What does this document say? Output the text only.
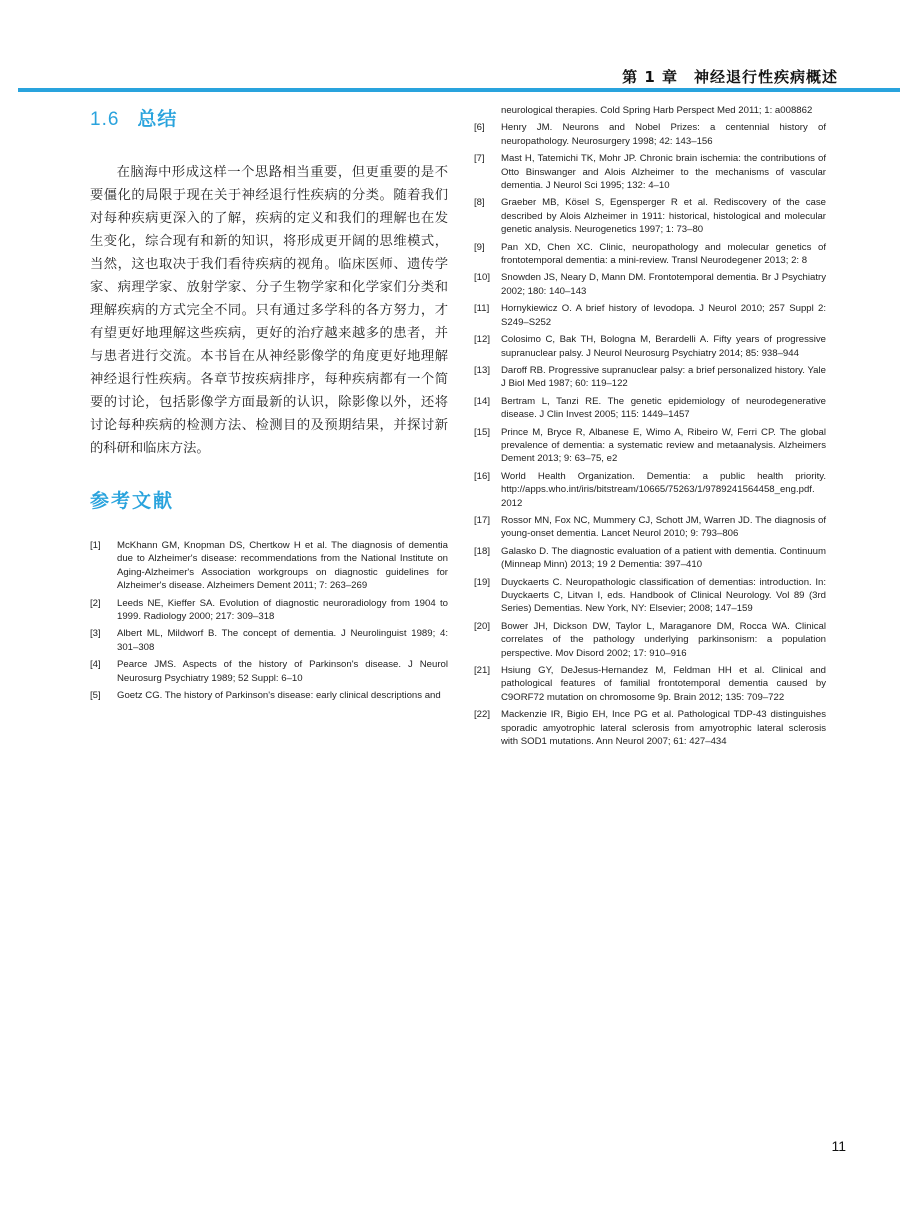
第 1 章　神经退行性疾病概述
1.6 总结

在脑海中形成这样一个思路相当重要，但更重要的是不要僵化的局限于现在关于神经退行性疾病的分类。随着我们对每种疾病更深入的了解，疾病的定义和我们的理解也在发生变化，综合现有和新的知识，将形成更开阔的思维模式，当然，这也取决于我们看待疾病的视角。临床医师、遗传学家、病理学家、放射学家、分子生物学家和化学家们分类和理解疾病的方式完全不同。只有通过多学科的各方努力，才有望更好地理解这些疾病，更好的治疗越来越多的患者，并与患者进行交流。本书旨在从神经影像学的角度更好地理解神经退行性疾病。各章节按疾病排序，每种疾病都有一个简要的讨论，包括影像学方面最新的认识，除影像以外，还将讨论每种疾病的检测方法、检测目的及预期结果，并探讨新的科研和临床方法。

参考文献
[1]	McKhann GM, Knopman DS, Chertkow H et al. The diagnosis of dementia due to Alzheimer's disease: recommendations from the National Institute on Aging-Alzheimer's Association workgroups on diagnostic guidelines for Alzheimer's disease. Alzheimers Dement 2011; 7: 263–269
[2]	Leeds NE, Kieffer SA. Evolution of diagnostic neuroradiology from 1904 to 1999. Radiology 2000; 217: 309–318
[3]	Albert ML, Mildworf B. The concept of dementia. J Neurolinguist 1989; 4: 301–308
[4]	Pearce JMS. Aspects of the history of Parkinson's disease. J Neurol Neurosurg Psychiatry 1989; 52 Suppl: 6–10
[5]	Goetz CG. The history of Parkinson's disease: early clinical descriptions and
neurological therapies. Cold Spring Harb Perspect Med 2011; 1: a008862
[6]	Henry JM. Neurons and Nobel Prizes: a centennial history of neuropathology. Neurosurgery 1998; 42: 143–156
[7]	Mast H, Tatemichi TK, Mohr JP. Chronic brain ischemia: the contributions of Otto Binswanger and Alois Alzheimer to the mechanisms of vascular dementia. J Neurol Sci 1995; 132: 4–10
[8]	Graeber MB, Kösel S, Egensperger R et al. Rediscovery of the case described by Alois Alzheimer in 1911: historical, histological and molecular genetic analysis. Neurogenetics 1997; 1: 73–80
[9]	Pan XD, Chen XC. Clinic, neuropathology and molecular genetics of frontotemporal dementia: a mini-review. Transl Neurodegener 2013; 2: 8
[10]	Snowden JS, Neary D, Mann DM. Frontotemporal dementia. Br J Psychiatry 2002; 180: 140–143
[11]	Hornykiewicz O. A brief history of levodopa. J Neurol 2010; 257 Suppl 2: S249–S252
[12]	Colosimo C, Bak TH, Bologna M, Berardelli A. Fifty years of progressive supranuclear palsy. J Neurol Neurosurg Psychiatry 2014; 85: 938–944
[13]	Daroff RB. Progressive supranuclear palsy: a brief personalized history. Yale J Biol Med 1987; 60: 119–122
[14]	Bertram L, Tanzi RE. The genetic epidemiology of neurodegenerative disease. J Clin Invest 2005; 115: 1449–1457
[15]	Prince M, Bryce R, Albanese E, Wimo A, Ribeiro W, Ferri CP. The global prevalence of dementia: a systematic review and metaanalysis. Alzheimers Dement 2013; 9: 63–75, e2
[16]	World Health Organization. Dementia: a public health priority. http://apps.who.int/iris/bitstream/10665/75263/1/9789241564458_eng.pdf. 2012
[17]	Rossor MN, Fox NC, Mummery CJ, Schott JM, Warren JD. The diagnosis of young-onset dementia. Lancet Neurol 2010; 9: 793–806
[18]	Galasko D. The diagnostic evaluation of a patient with dementia. Continuum (Minneap Minn) 2013; 19 2 Dementia: 397–410
[19]	Duyckaerts C. Neuropathologic classification of dementias: introduction. In: Duyckaerts C, Litvan I, eds. Handbook of Clinical Neurology. Vol 89 (3rd Series) Dementias. New York, NY: Elsevier; 2008; 147–159
[20]	Bower JH, Dickson DW, Taylor L, Maraganore DM, Rocca WA. Clinical correlates of the pathology underlying parkinsonism: a population perspective. Mov Disord 2002; 17: 910–916
[21]	Hsiung GY, DeJesus-Hernandez M, Feldman HH et al. Clinical and pathological features of familial frontotemporal dementia caused by C9ORF72 mutation on chromosome 9p. Brain 2012; 135: 709–722
[22]	Mackenzie IR, Bigio EH, Ince PG et al. Pathological TDP-43 distinguishes sporadic amyotrophic lateral sclerosis from amyotrophic lateral sclerosis with SOD1 mutations. Ann Neurol 2007; 61: 427–434
11
